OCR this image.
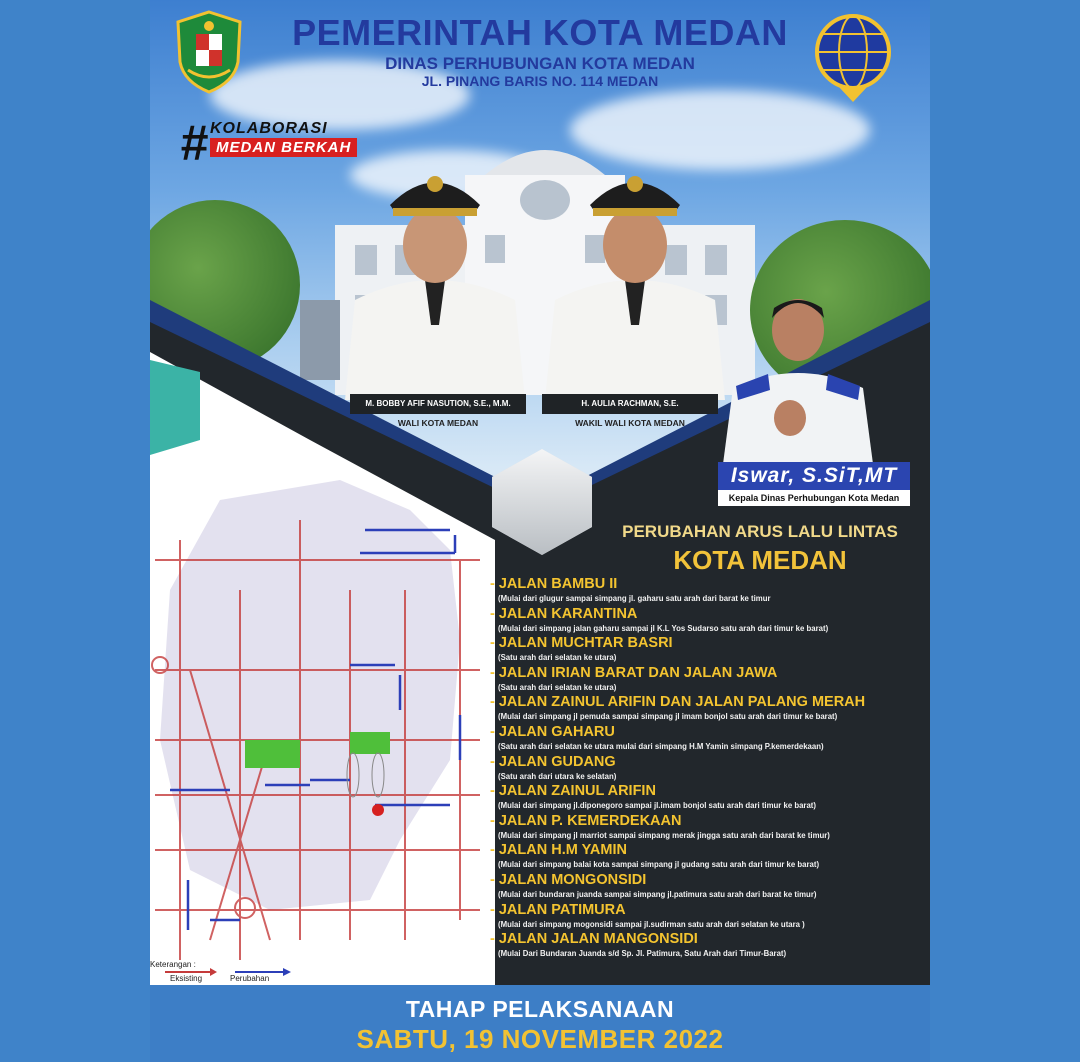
PEMERINTAH KOTA MEDAN
DINAS PERHUBUNGAN KOTA MEDAN
JL. PINANG BARIS NO. 114 MEDAN
# KOLABORASI
MEDAN BERKAH
M. BOBBY AFIF NASUTION, S.E., M.M.
WALI KOTA MEDAN
H. AULIA RACHMAN, S.E.
WAKIL WALI KOTA MEDAN
Iswar, S.SiT,MT
Kepala Dinas Perhubungan Kota Medan
Keterangan :
Eksisting	Perubahan
PERUBAHAN ARUS LALU LINTAS
KOTA MEDAN
- JALAN BAMBU II
(Mulai dari glugur sampai simpang jl. gaharu satu arah dari barat ke timur
- JALAN KARANTINA
(Mulai dari simpang jalan gaharu sampai jl K.L Yos Sudarso satu arah dari timur ke barat)
- JALAN MUCHTAR BASRI
(Satu arah dari selatan ke utara)
- JALAN IRIAN BARAT DAN JALAN JAWA
(Satu arah dari selatan ke utara)
- JALAN ZAINUL ARIFIN DAN JALAN PALANG MERAH
(Mulai dari simpang jl pemuda sampai simpang jl imam bonjol satu arah dari timur ke barat)
- JALAN GAHARU
(Satu arah dari selatan ke utara mulai dari simpang H.M Yamin simpang P.kemerdekaan)
- JALAN GUDANG
(Satu arah dari utara ke selatan)
- JALAN ZAINUL ARIFIN
(Mulai dari simpang jl.diponegoro sampai jl.imam bonjol satu arah dari timur ke barat)
- JALAN P. KEMERDEKAAN
(Mulai dari simpang jl marriot sampai simpang merak jingga satu arah dari barat ke timur)
- JALAN H.M YAMIN
(Mulai dari simpang balai kota sampai simpang jl gudang satu arah dari timur ke barat)
- JALAN MONGONSIDI
(Mulai dari bundaran juanda sampai simpang jl.patimura satu arah dari barat ke timur)
- JALAN PATIMURA
(Mulai dari simpang mogonsidi sampai jl.sudirman satu arah dari selatan ke utara )
- JALAN JALAN MANGONSIDI
(Mulai Dari Bundaran Juanda s/d Sp. Jl. Patimura, Satu Arah dari Timur-Barat)
TAHAP PELAKSANAAN
SABTU, 19 NOVEMBER 2022
